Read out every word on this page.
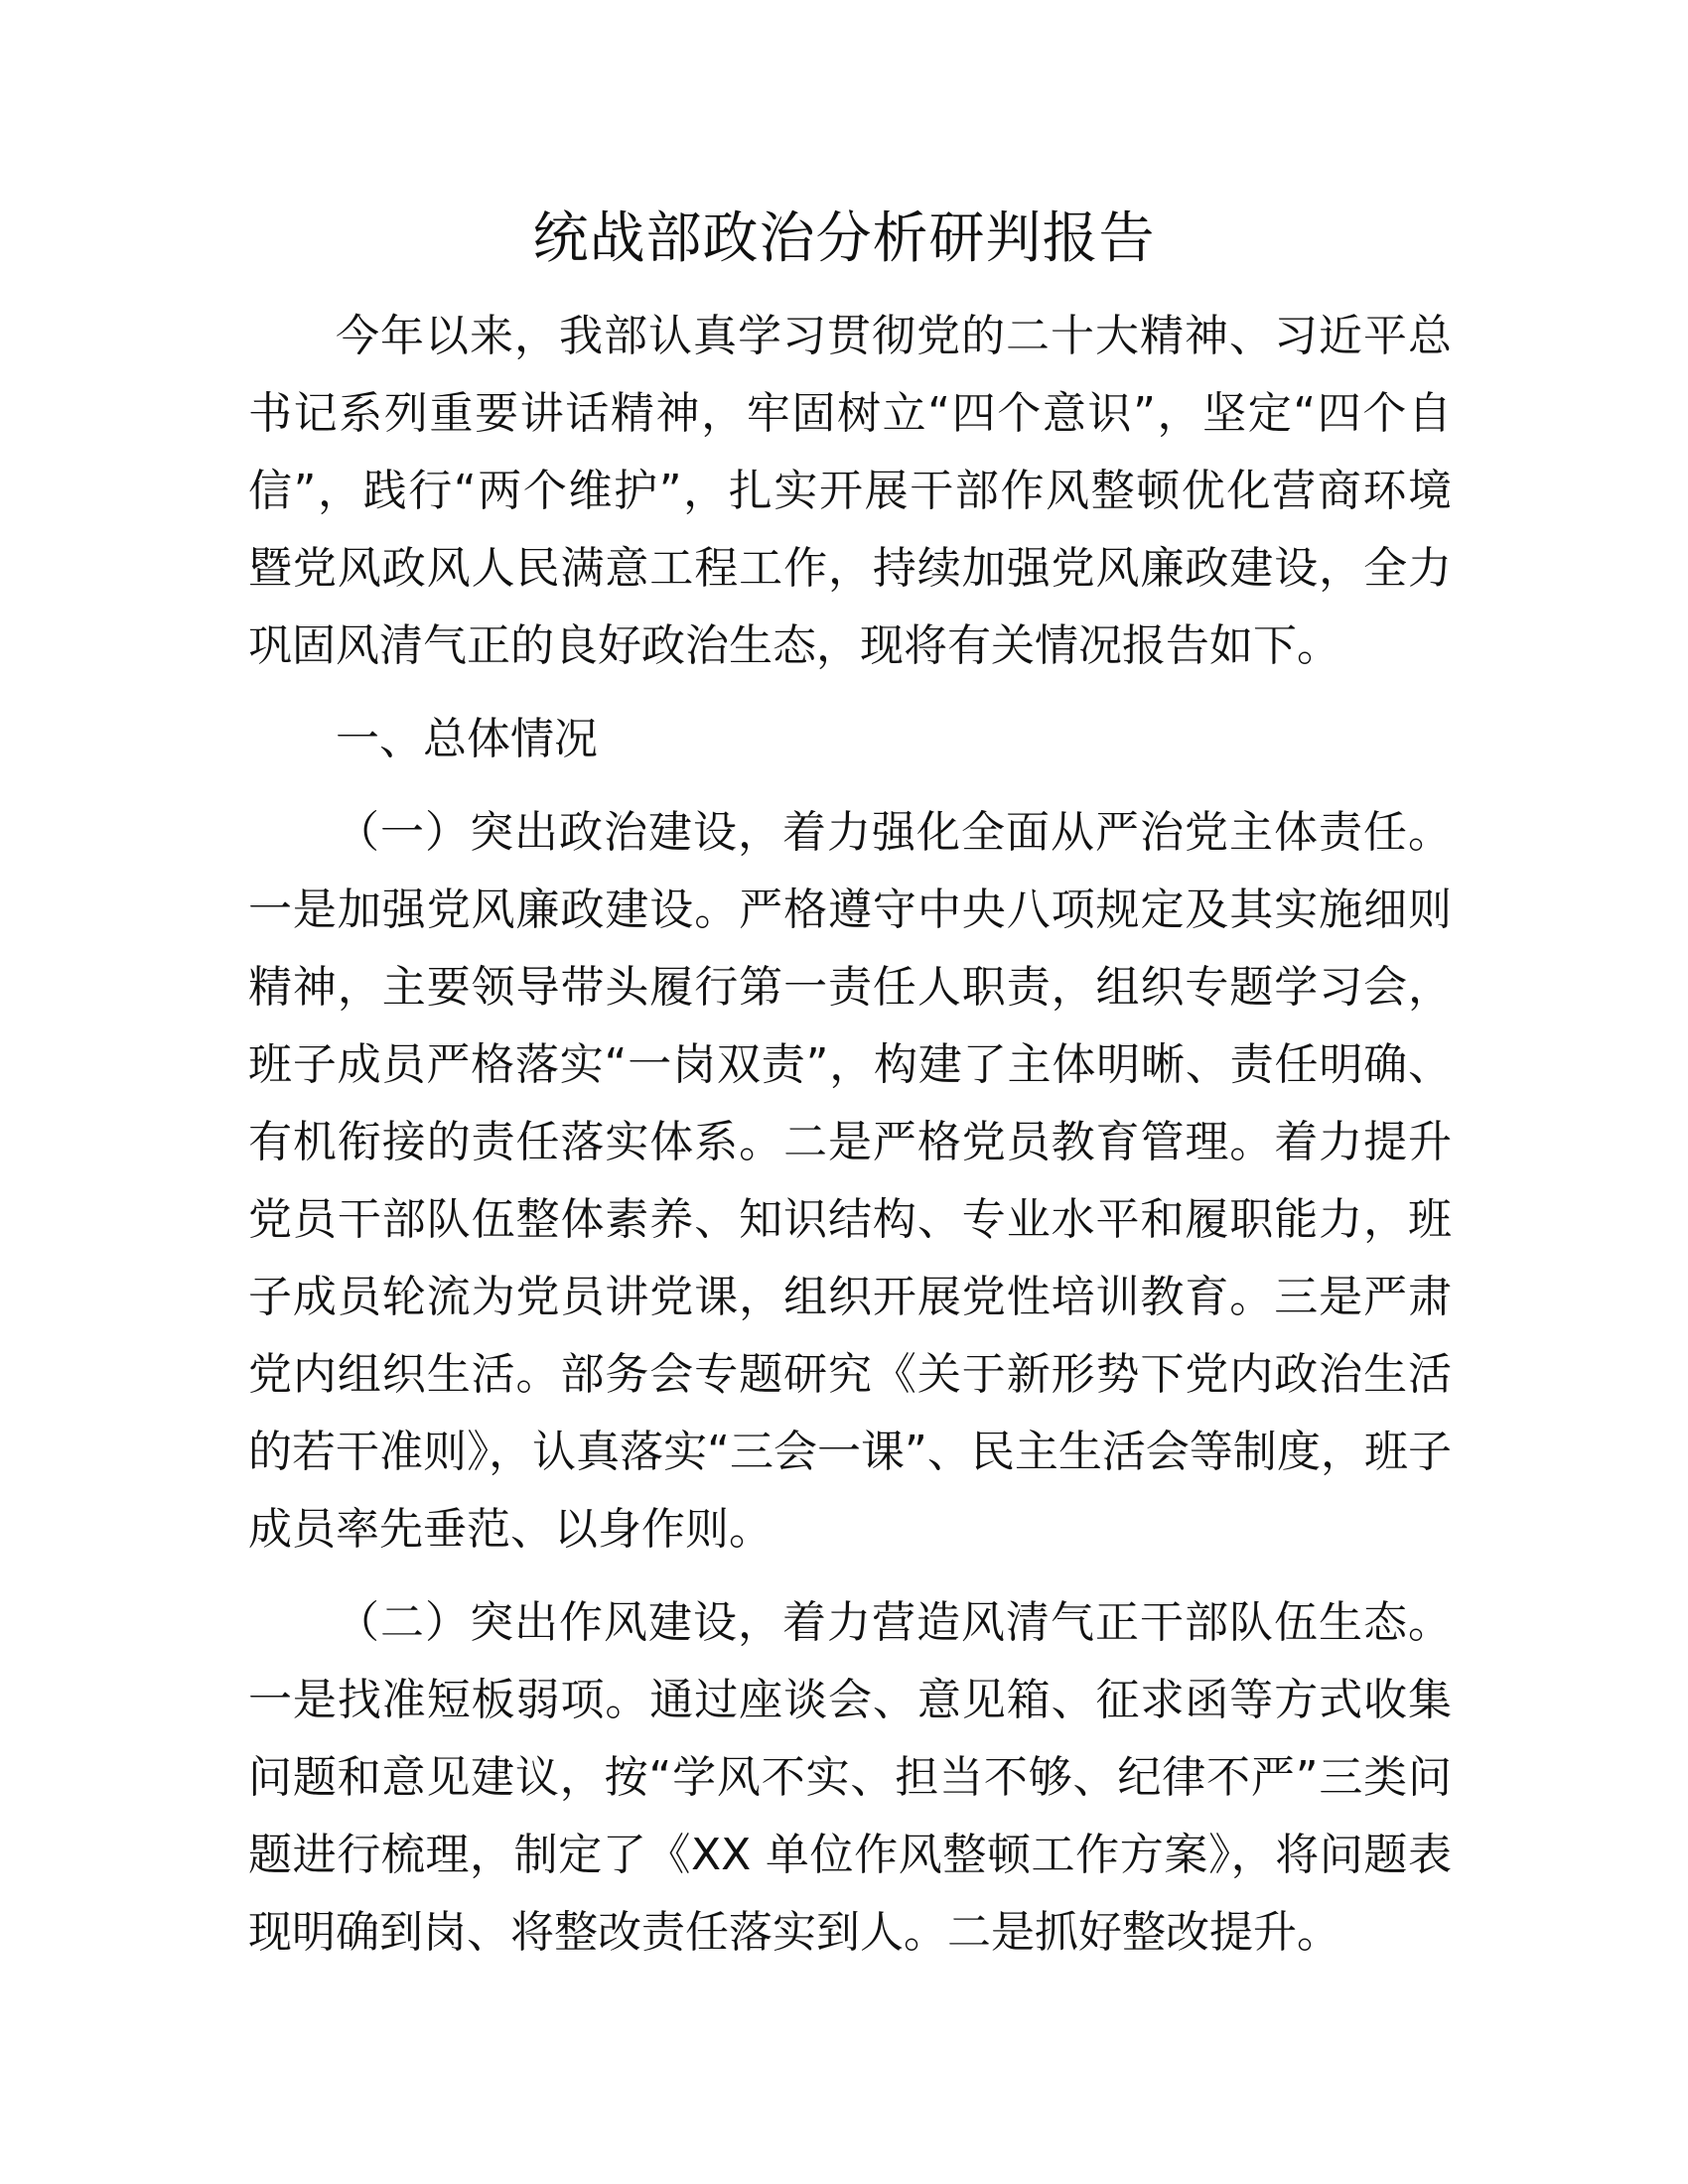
统战部政治分析研判报告

今年以来，我部认真学习贯彻党的二十大精神、习近平总书记系列重要讲话精神，牢固树立“四个意识”，坚定“四个自信”，践行“两个维护”，扎实开展干部作风整顿优化营商环境暨党风政风人民满意工程工作，持续加强党风廉政建设，全力巩固风清气正的良好政治生态，现将有关情况报告如下。

一、总体情况

（一）突出政治建设，着力强化全面从严治党主体责任。一是加强党风廉政建设。严格遵守中央八项规定及其实施细则精神，主要领导带头履行第一责任人职责，组织专题学习会，班子成员严格落实“一岗双责”，构建了主体明晰、责任明确、有机衔接的责任落实体系。二是严格党员教育管理。着力提升党员干部队伍整体素养、知识结构、专业水平和履职能力，班子成员轮流为党员讲党课，组织开展党性培训教育。三是严肃党内组织生活。部务会专题研究《关于新形势下党内政治生活的若干准则》，认真落实“三会一课”、民主生活会等制度，班子成员率先垂范、以身作则。

（二）突出作风建设，着力营造风清气正干部队伍生态。一是找准短板弱项。通过座谈会、意见箱、征求函等方式收集问题和意见建议，按“学风不实、担当不够、纪律不严”三类问题进行梳理，制定了《XX 单位作风整顿工作方案》，将问题表现明确到岗、将整改责任落实到人。二是抓好整改提升。
